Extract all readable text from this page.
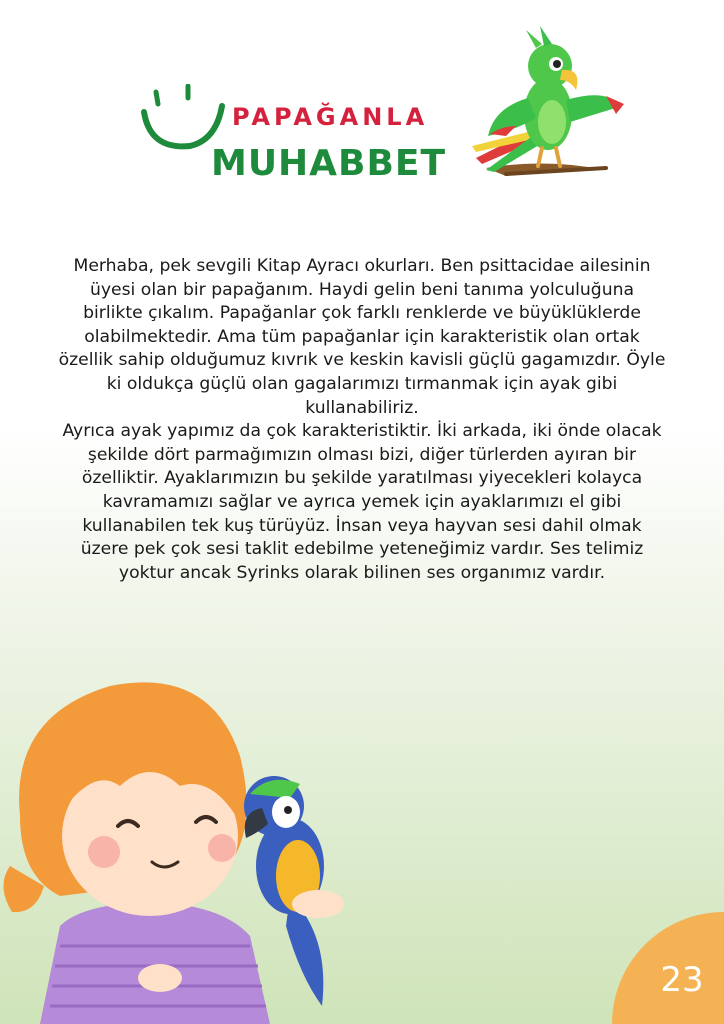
PAPAĞANLA
MUHABBET

Merhaba, pek sevgili Kitap Ayracı okurları. Ben psittacidae ailesinin üyesi olan bir papağanım. Haydi gelin beni tanıma yolculuğuna birlikte çıkalım. Papağanlar çok farklı renklerde ve büyüklüklerde olabilmektedir. Ama tüm papağanlar için karakteristik olan ortak özellik sahip olduğumuz kıvrık ve keskin kavisli güçlü gagamızdır. Öyle ki oldukça güçlü olan gagalarımızı tırmanmak için ayak gibi kullanabiliriz.

Ayrıca ayak yapımız da çok karakteristiktir. İki arkada, iki önde olacak şekilde dört parmağımızın olması bizi, diğer türlerden ayıran bir özelliktir. Ayaklarımızın bu şekilde yaratılması yiyecekleri kolayca kavramamızı sağlar ve ayrıca yemek için ayaklarımızı el gibi kullanabilen tek kuş türüyüz. İnsan veya hayvan sesi dahil olmak üzere pek çok sesi taklit edebilme yeteneğimiz vardır. Ses telimiz yoktur ancak Syrinks olarak bilinen ses organımız vardır.

23
